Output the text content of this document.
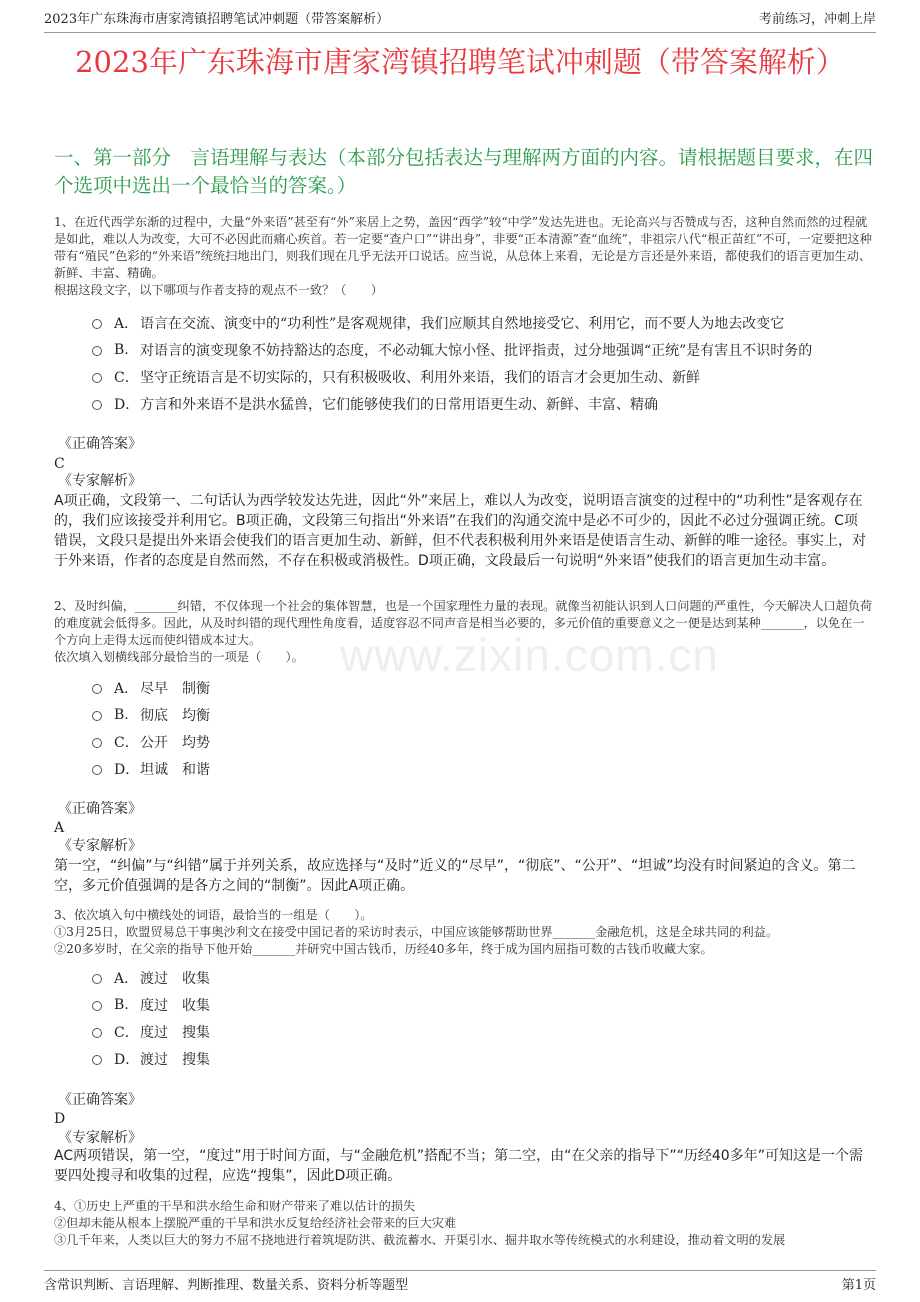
2023年广东珠海市唐家湾镇招聘笔试冲刺题（带答案解析）	考前练习，冲刺上岸
2023年广东珠海市唐家湾镇招聘笔试冲刺题（带答案解析）
一、第一部分　言语理解与表达（本部分包括表达与理解两方面的内容。请根据题目要求，在四个选项中选出一个最恰当的答案。）

1、在近代西学东渐的过程中，大量“外来语”甚至有“外”来居上之势，盖因“西学”较“中学”发达先进也。无论高兴与否赞成与否，这种自然而然的过程就是如此，难以人为改变，大可不必因此而痛心疾首。若一定要“查户口”“讲出身”，非要“正本清源”查“血统”，非祖宗八代“根正苗红”不可，一定要把这种带有“殖民”色彩的“外来语”统统扫地出门，则我们现在几乎无法开口说话。应当说，从总体上来看，无论是方言还是外来语，都使我们的语言更加生动、新鲜、丰富、精确。

根据这段文字，以下哪项与作者支持的观点不一致？（　　）

A． 语言在交流、演变中的“功利性”是客观规律，我们应顺其自然地接受它、利用它，而不要人为地去改变它
B. 对语言的演变现象不妨持豁达的态度，不必动辄大惊小怪、批评指责，过分地强调“正统”是有害且不识时务的
C． 坚守正统语言是不切实际的，只有积极吸收、利用外来语，我们的语言才会更加生动、新鲜
D． 方言和外来语不是洪水猛兽，它们能够使我们的日常用语更生动、新鲜、丰富、精确
《正确答案》
C
《专家解析》
A项正确，文段第一、二句话认为西学较发达先进，因此“外”来居上，难以人为改变，说明语言演变的过程中的“功利性”是客观存在的，我们应该接受并利用它。B项正确，文段第三句指出“外来语”在我们的沟通交流中是必不可少的，因此不必过分强调正统。C项错误，文段只是提出外来语会使我们的语言更加生动、新鲜，但不代表积极利用外来语是使语言生动、新鲜的唯一途径。事实上，对于外来语，作者的态度是自然而然，不存在积极或消极性。D项正确，文段最后一句说明“外来语”使我们的语言更加生动丰富。

2、及时纠偏，_______纠错，不仅体现一个社会的集体智慧，也是一个国家理性力量的表现。就像当初能认识到人口问题的严重性，今天解决人口超负荷的难度就会低得多。因此，从及时纠错的现代理性角度看，适度容忍不同声音是相当必要的，多元价值的重要意义之一便是达到某种_______，以免在一个方向上走得太远而使纠错成本过大。

依次填入划横线部分最恰当的一项是（　　）。 www.zixin.com.cn
A． 尽早　制衡
B. 彻底　均衡
C． 公开　均势
D． 坦诚　和谐
《正确答案》
A
《专家解析》
第一空，“纠偏”与“纠错”属于并列关系，故应选择与“及时”近义的“尽早”，“彻底”、“公开”、“坦诚”均没有时间紧迫的含义。第二空，多元价值强调的是各方之间的“制衡”。因此A项正确。

3、依次填入句中横线处的词语，最恰当的一组是（　　）。

①3月25日，欧盟贸易总干事奥沙利文在接受中国记者的采访时表示，中国应该能够帮助世界_______金融危机，这是全球共同的利益。

②20多岁时，在父亲的指导下他开始_______并研究中国古钱币，历经40多年，终于成为国内屈指可数的古钱币收藏大家。

A． 渡过　收集
B. 度过　收集
C． 度过　搜集
D． 渡过　搜集
《正确答案》
D
《专家解析》
AC两项错误，第一空，“度过”用于时间方面，与“金融危机”搭配不当；第二空，由“在父亲的指导下”“历经40多年”可知这是一个需要四处搜寻和收集的过程，应选“搜集”，因此D项正确。

4、①历史上严重的干旱和洪水给生命和财产带来了难以估计的损失

②但却未能从根本上摆脱严重的干旱和洪水反复给经济社会带来的巨大灾难

③几千年来，人类以巨大的努力不屈不挠地进行着筑堤防洪、截流蓄水、开渠引水、掘井取水等传统模式的水利建设，推动着文明的发展

含常识判断、言语理解、判断推理、数量关系、资料分析等题型	第1页
